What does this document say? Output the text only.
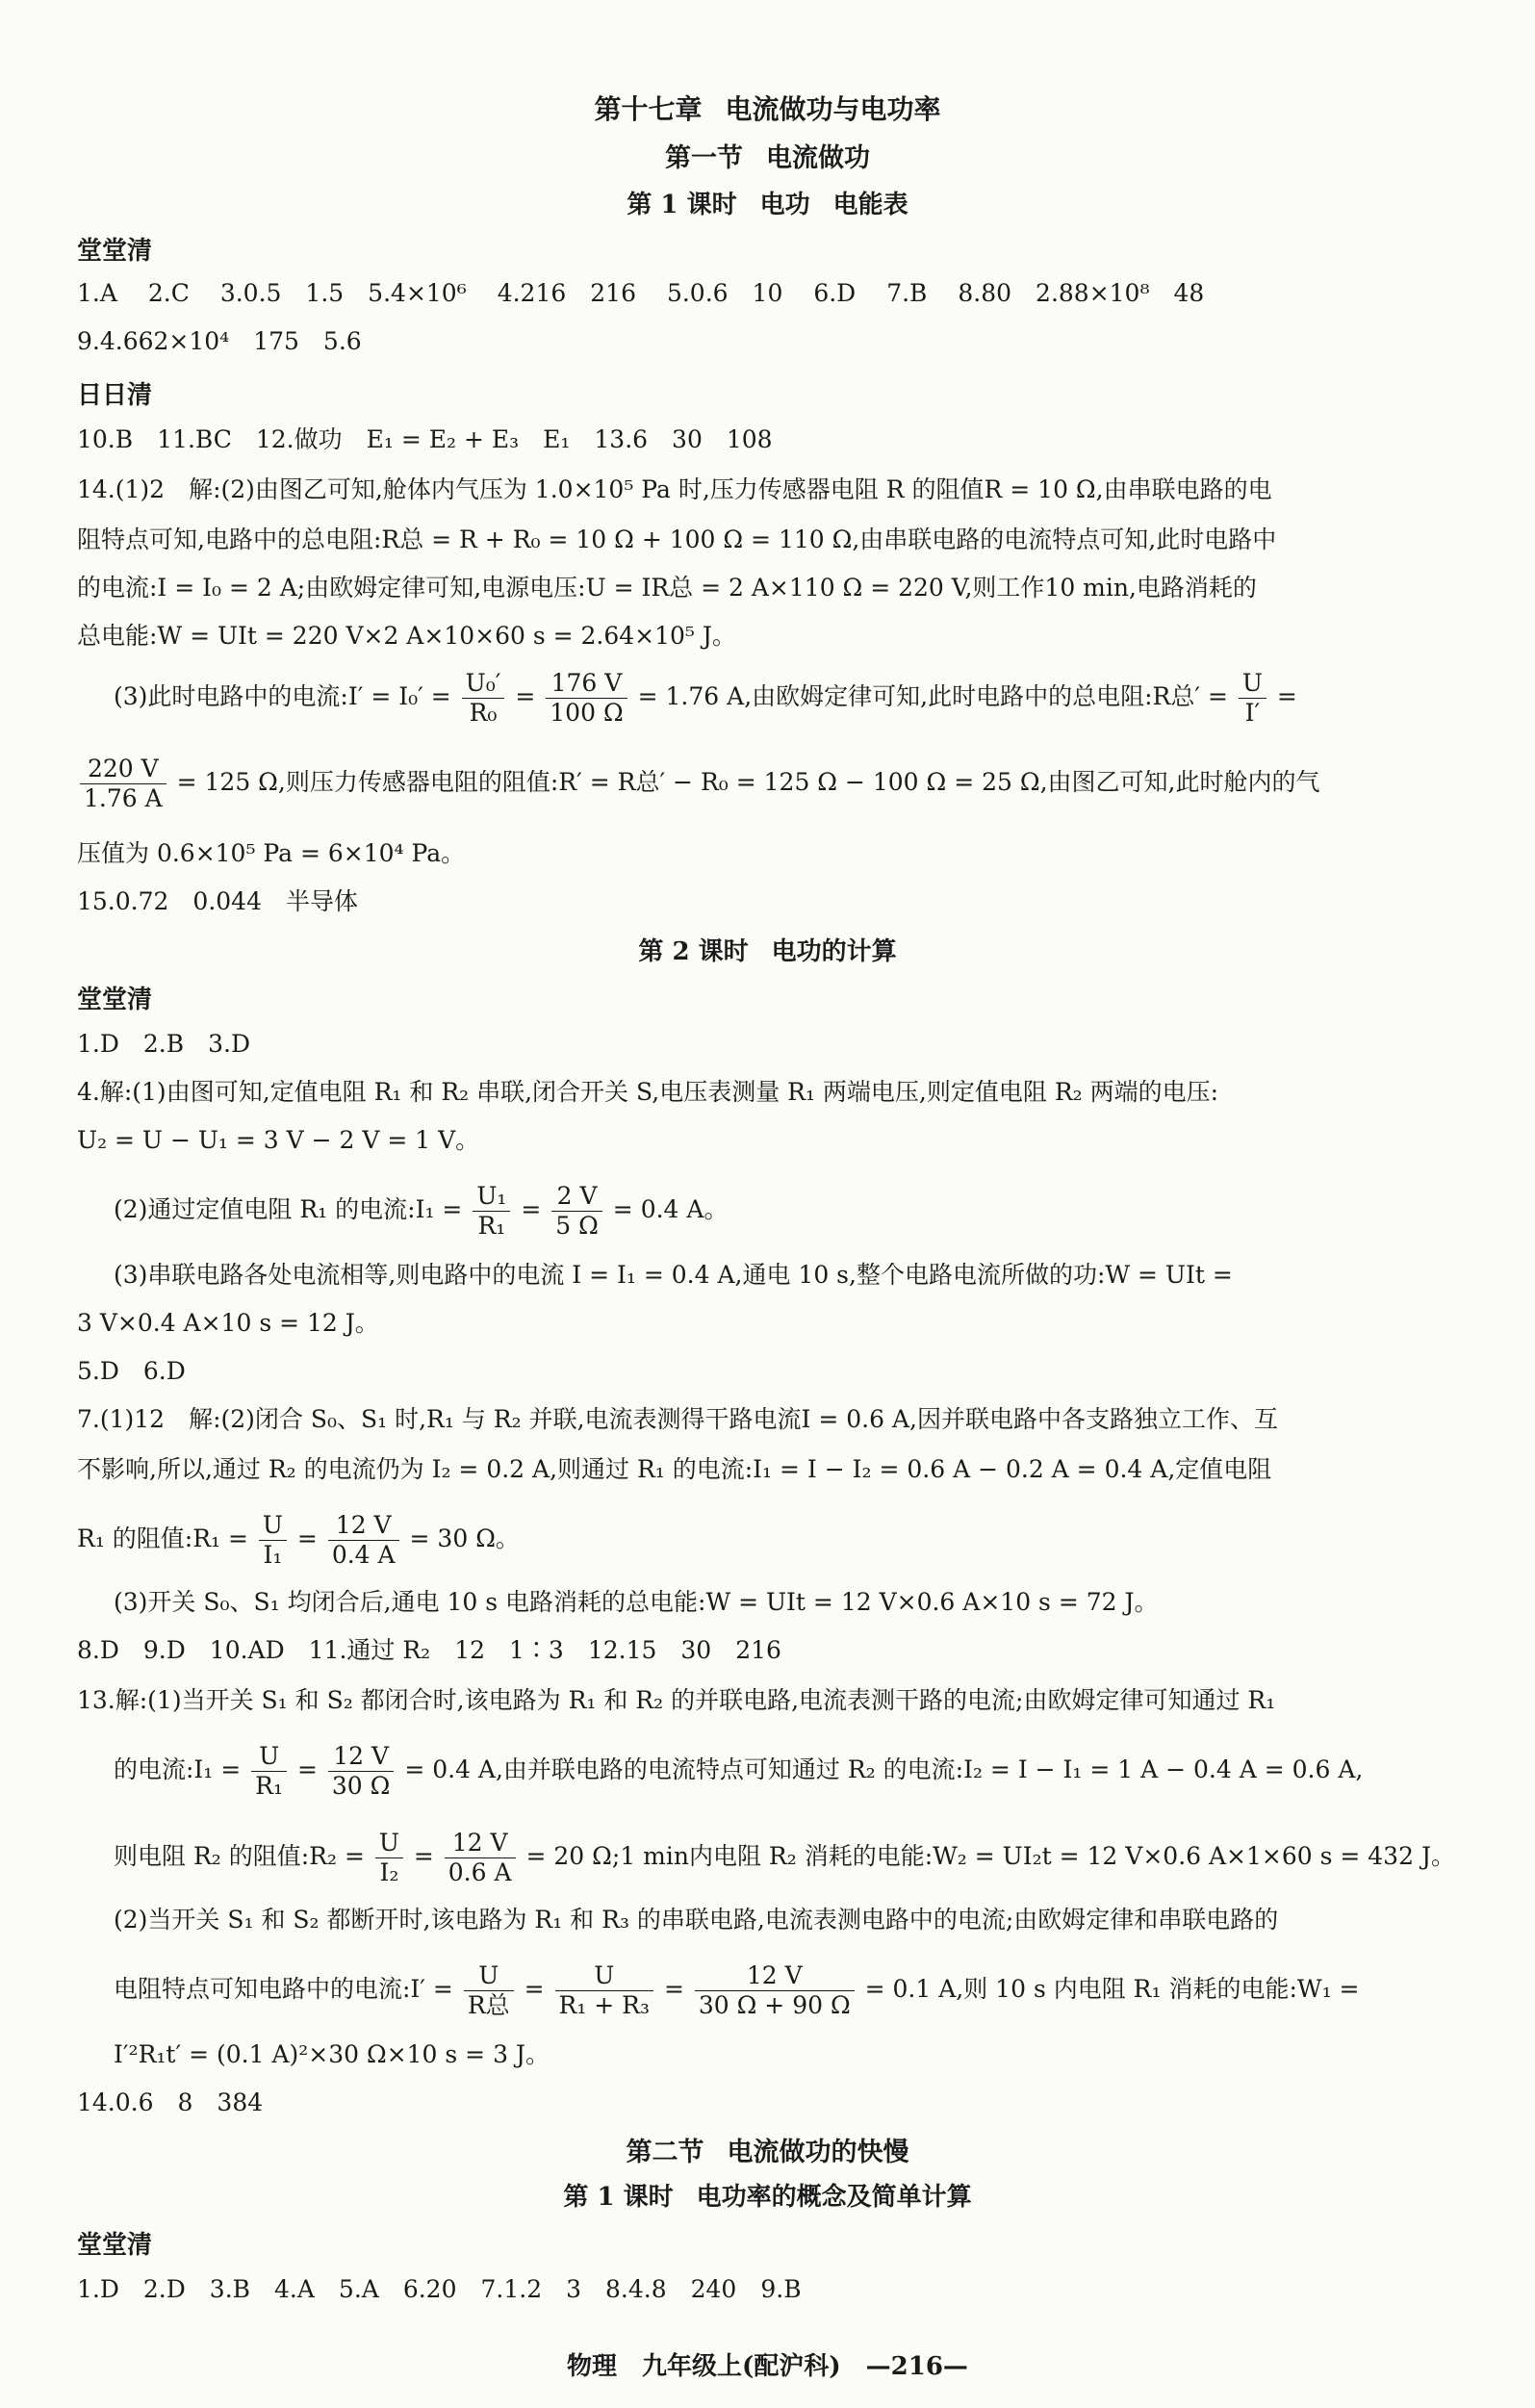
第十七章 电流做功与电功率
第一节 电流做功
第 1 课时 电功 电能表
堂堂清
1.A 2.C 3.0.5　1.5　5.4×10⁶ 4.216　216 5.0.6　10 6.D 7.B 8.80　2.88×10⁸　48
9.4.662×10⁴　175　5.6
日日清
10.B　11.BC　12.做功　E₁ = E₂ + E₃　E₁　13.6　30　108
14.(1)2　解:(2)由图乙可知,舱体内气压为 1.0×10⁵ Pa 时,压力传感器电阻 R 的阻值R = 10 Ω,由串联电路的电
阻特点可知,电路中的总电阻:R总 = R + R₀ = 10 Ω + 100 Ω = 110 Ω,由串联电路的电流特点可知,此时电路中
的电流:I = I₀ = 2 A;由欧姆定律可知,电源电压:U = IR总 = 2 A×110 Ω = 220 V,则工作10 min,电路消耗的
总电能:W = UIt = 220 V×2 A×10×60 s = 2.64×10⁵ J。
(3)此时电路中的电流:I′ = $I_0' = \frac{\text{U₀′}}{\text{R₀}} = \frac{176 V}{100 \Omega} = 1.76$ A,由欧姆定律可知,此时电路中的总电阻:R总′ = $\frac{U}{I'}$ =
$\frac{220 V}{1.76 A} = 125$ Ω,则压力传感器电阻的阻值:R′ = R总′ − R₀ = 125 Ω − 100 Ω = 25 Ω,由图乙可知,此时舱内的气
压值为 0.6×10⁵ Pa = 6×10⁴ Pa。
15.0.72　0.044　半导体
第 2 课时 电功的计算
堂堂清
1.D　2.B　3.D
4.解:(1)由图可知,定值电阻 R₁ 和 R₂ 串联,闭合开关 S,电压表测量 R₁ 两端电压,则定值电阻 R₂ 两端的电压:
U₂ = U − U₁ = 3 V − 2 V = 1 V。
(2)通过定值电阻 R₁ 的电流:I₁ = $\frac{\text{U₁}}{\text{R₁}} = \frac{2 V}{5 \Omega} = 0.4$ A。
(3)串联电路各处电流相等,则电路中的电流 I = I₁ = 0.4 A,通电 10 s,整个电路电流所做的功:W = UIt =
3 V×0.4 A×10 s = 12 J。
5.D　6.D
7.(1)12　解:(2)闭合 S₀、S₁ 时,R₁ 与 R₂ 并联,电流表测得干路电流I = 0.6 A,因并联电路中各支路独立工作、互
不影响,所以,通过 R₂ 的电流仍为 I₂ = 0.2 A,则通过 R₁ 的电流:I₁ = I − I₂ = 0.6 A − 0.2 A = 0.4 A,定值电阻
R₁ 的阻值:R₁ = $\frac{U}{\text{I₁}} = \frac{12 V}{0.4 A} = 30$ Ω。
(3)开关 S₀、S₁ 均闭合后,通电 10 s 电路消耗的总电能:W = UIt = 12 V×0.6 A×10 s = 72 J。
8.D　9.D　10.AD　11.通过 R₂　12　1∶3　12.15　30　216
13.解:(1)当开关 S₁ 和 S₂ 都闭合时,该电路为 R₁ 和 R₂ 的并联电路,电流表测干路的电流;由欧姆定律可知通过 R₁
的电流:I₁ = $\frac{U}{\text{R₁}} = \frac{12 V}{30 \Omega} = 0.4$ A,由并联电路的电流特点可知通过 R₂ 的电流:I₂ = I − I₁ = 1 A − 0.4 A = 0.6 A,
则电阻 R₂ 的阻值:R₂ = $\frac{U}{\text{I₂}} = \frac{12 V}{0.6 A} = 20$ Ω;1 min内电阻 R₂ 消耗的电能:W₂ = UI₂t = 12 V×0.6 A×1×60 s = 432 J。
(2)当开关 S₁ 和 S₂ 都断开时,该电路为 R₁ 和 R₃ 的串联电路,电流表测电路中的电流;由欧姆定律和串联电路的
电阻特点可知电路中的电流:I′ = $\frac{U}{\text{R总}} = \frac{U}{\text{R₁ + R₃}} = \frac{12 V}{30 \Omega + 90 \Omega} = 0.1$ A,则 10 s 内电阻 R₁ 消耗的电能:W₁ =
I′²R₁t′ = (0.1 A)²×30 Ω×10 s = 3 J。
14.0.6　8　384
第二节 电流做功的快慢
第 1 课时 电功率的概念及简单计算
堂堂清
1.D　2.D　3.B　4.A　5.A　6.20　7.1.2　3　8.4.8　240　9.B
物理　九年级上(配沪科)　—216—
